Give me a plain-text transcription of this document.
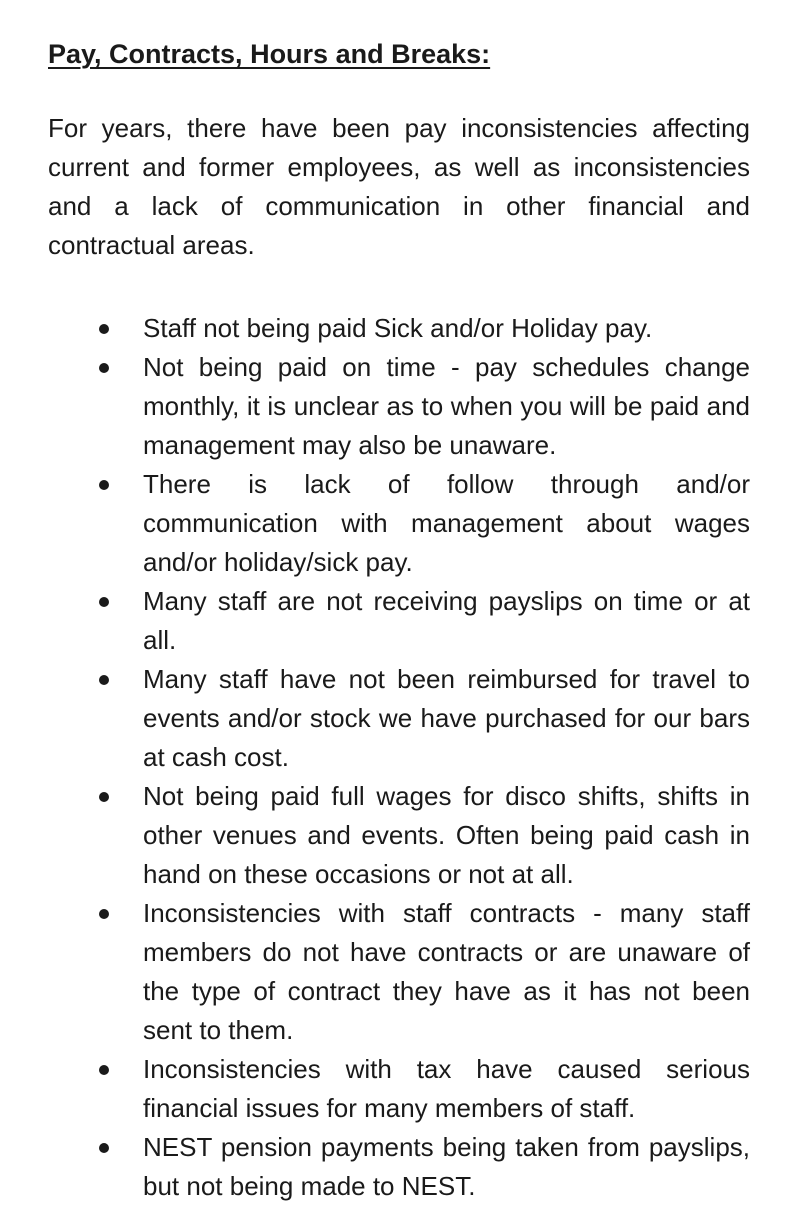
Pay, Contracts, Hours and Breaks:

For years, there have been pay inconsistencies affecting current and former employees, as well as inconsistencies and a lack of communication in other financial and contractual areas.

Staff not being paid Sick and/or Holiday pay.
Not being paid on time - pay schedules change monthly, it is unclear as to when you will be paid and management may also be unaware.
There is lack of follow through and/or communication with management about wages and/or holiday/sick pay.
Many staff are not receiving payslips on time or at all.
Many staff have not been reimbursed for travel to events and/or stock we have purchased for our bars at cash cost.
Not being paid full wages for disco shifts, shifts in other venues and events. Often being paid cash in hand on these occasions or not at all.
Inconsistencies with staff contracts - many staff members do not have contracts or are unaware of the type of contract they have as it has not been sent to them.
Inconsistencies with tax have caused serious financial issues for many members of staff.
NEST pension payments being taken from payslips, but not being made to NEST.
